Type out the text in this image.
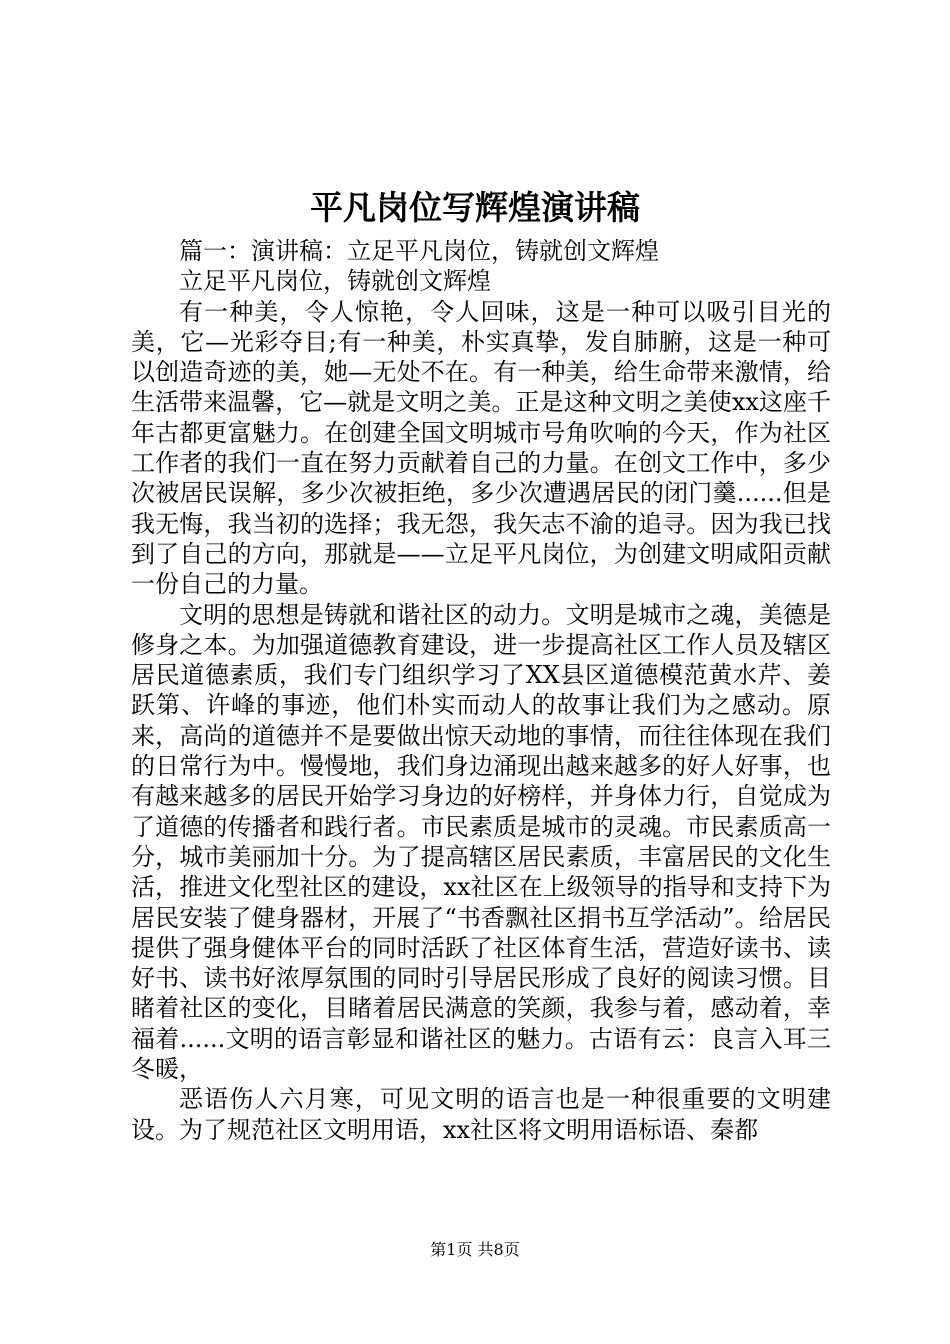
平凡岗位写辉煌演讲稿

篇一：演讲稿：立足平凡岗位，铸就创文辉煌

立足平凡岗位，铸就创文辉煌

有一种美，令人惊艳，令人回味，这是一种可以吸引目光的美，它—光彩夺目;有一种美，朴实真挚，发自肺腑，这是一种可以创造奇迹的美，她—无处不在。有一种美，给生命带来激情，给生活带来温馨，它—就是文明之美。正是这种文明之美使xx这座千年古都更富魅力。在创建全国文明城市号角吹响的今天，作为社区工作者的我们一直在努力贡献着自己的力量。在创文工作中，多少次被居民误解，多少次被拒绝，多少次遭遇居民的闭门羹......但是我无悔，我当初的选择；我无怨，我矢志不渝的追寻。因为我已找到了自己的方向，那就是——立足平凡岗位，为创建文明咸阳贡献一份自己的力量。

文明的思想是铸就和谐社区的动力。文明是城市之魂，美德是修身之本。为加强道德教育建设，进一步提高社区工作人员及辖区居民道德素质，我们专门组织学习了XX县区道德模范黄水芹、姜跃第、许峰的事迹，他们朴实而动人的故事让我们为之感动。原来，高尚的道德并不是要做出惊天动地的事情，而往往体现在我们的日常行为中。慢慢地，我们身边涌现出越来越多的好人好事，也有越来越多的居民开始学习身边的好榜样，并身体力行，自觉成为了道德的传播者和践行者。市民素质是城市的灵魂。市民素质高一分，城市美丽加十分。为了提高辖区居民素质，丰富居民的文化生活，推进文化型社区的建设，xx社区在上级领导的指导和支持下为居民安装了健身器材，开展了“书香飘社区捐书互学活动”。给居民提供了强身健体平台的同时活跃了社区体育生活，营造好读书、读好书、读书好浓厚氛围的同时引导居民形成了良好的阅读习惯。目睹着社区的变化，目睹着居民满意的笑颜，我参与着，感动着，幸福着......文明的语言彰显和谐社区的魅力。古语有云：良言入耳三冬暖，

恶语伤人六月寒，可见文明的语言也是一种很重要的文明建设。为了规范社区文明用语，xx社区将文明用语标语、秦都

第1页 共8页
